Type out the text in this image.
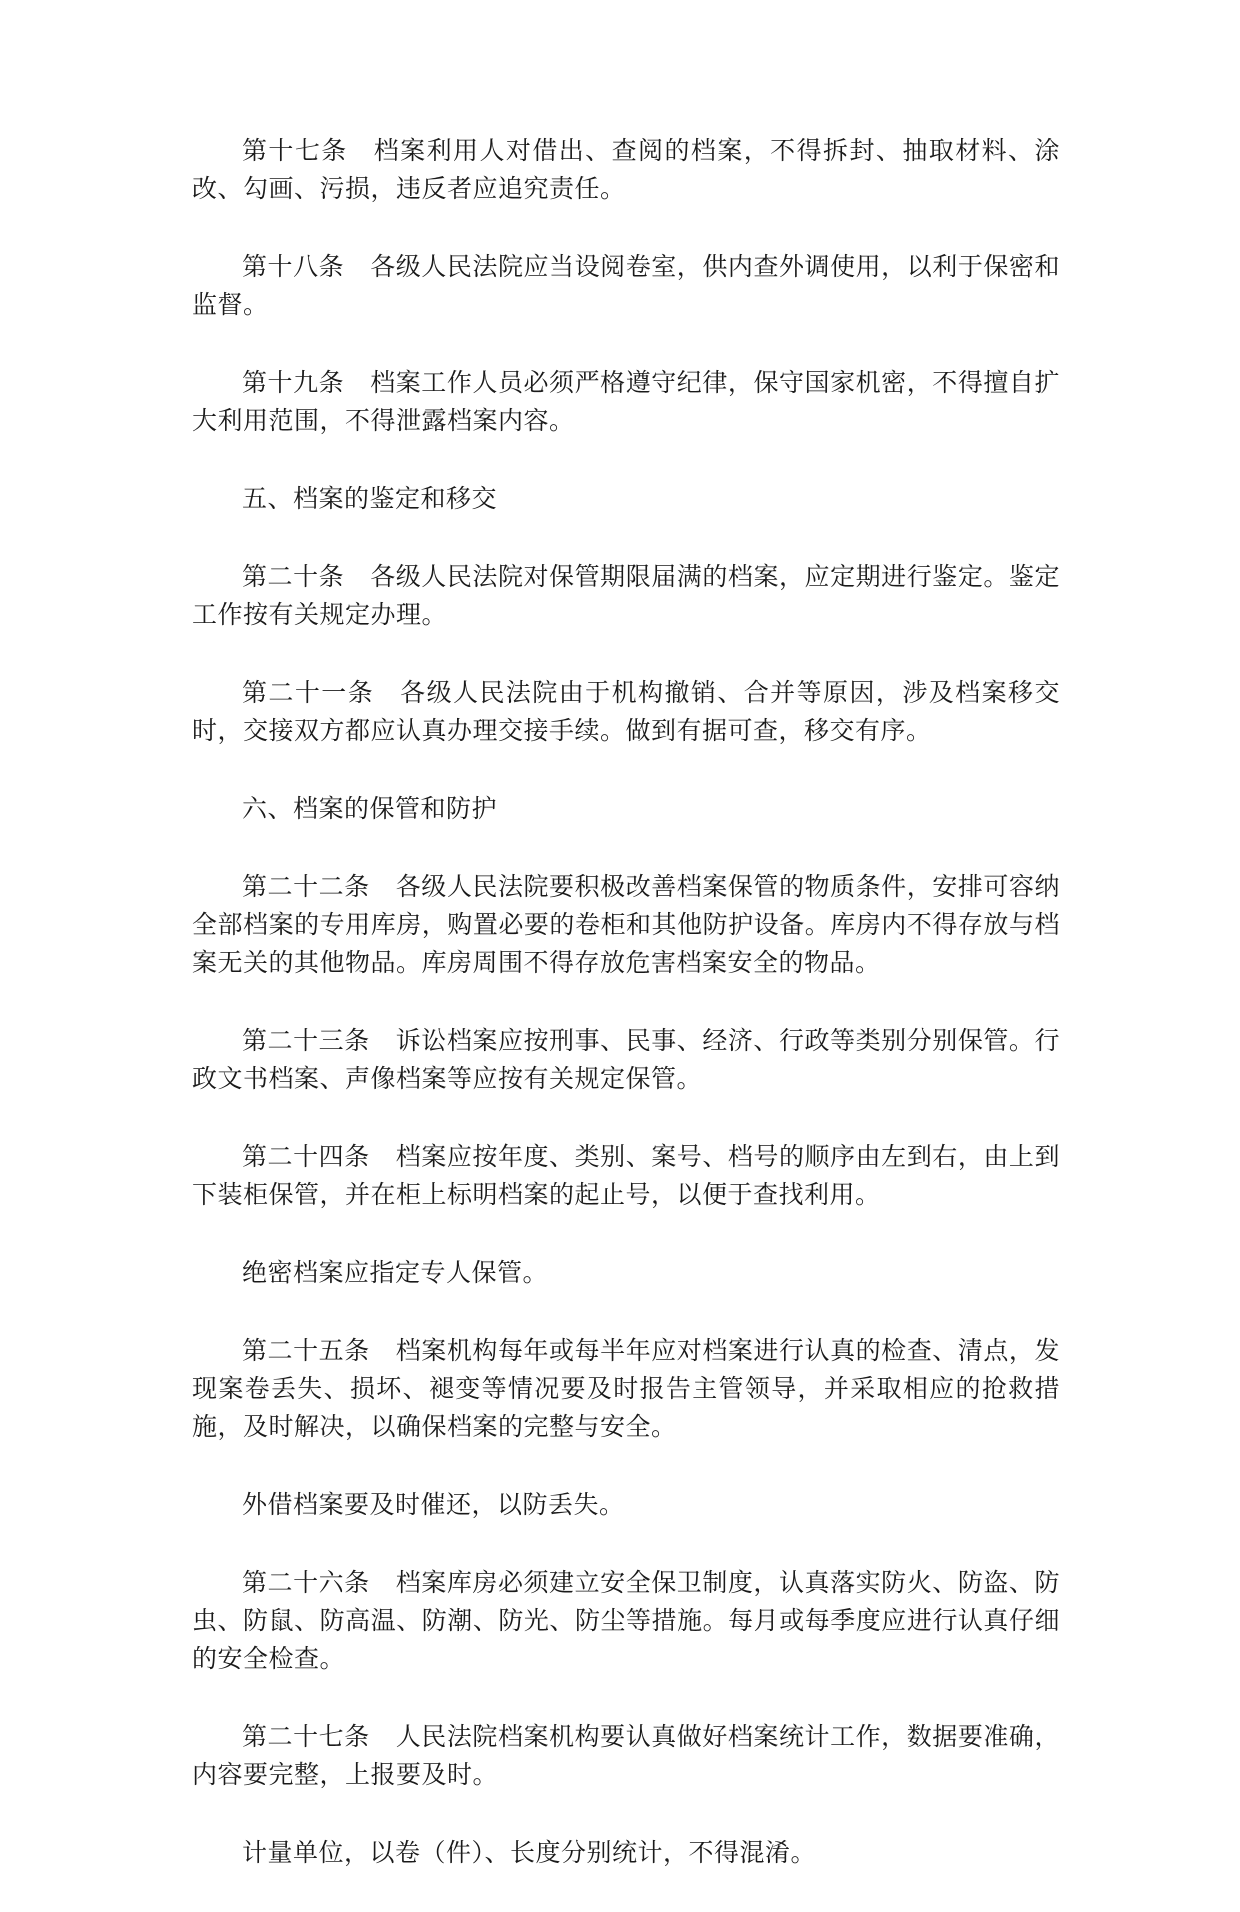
第十七条 档案利用人对借出、查阅的档案，不得拆封、抽取材料、涂改、勾画、污损，违反者应追究责任。

第十八条 各级人民法院应当设阅卷室，供内查外调使用，以利于保密和监督。

第十九条 档案工作人员必须严格遵守纪律，保守国家机密，不得擅自扩大利用范围，不得泄露档案内容。

五、档案的鉴定和移交

第二十条 各级人民法院对保管期限届满的档案，应定期进行鉴定。鉴定工作按有关规定办理。

第二十一条 各级人民法院由于机构撤销、合并等原因，涉及档案移交时，交接双方都应认真办理交接手续。做到有据可查，移交有序。

六、档案的保管和防护

第二十二条 各级人民法院要积极改善档案保管的物质条件，安排可容纳全部档案的专用库房，购置必要的卷柜和其他防护设备。库房内不得存放与档案无关的其他物品。库房周围不得存放危害档案安全的物品。

第二十三条 诉讼档案应按刑事、民事、经济、行政等类别分别保管。行政文书档案、声像档案等应按有关规定保管。

第二十四条 档案应按年度、类别、案号、档号的顺序由左到右，由上到下装柜保管，并在柜上标明档案的起止号，以便于查找利用。

绝密档案应指定专人保管。

第二十五条 档案机构每年或每半年应对档案进行认真的检查、清点，发现案卷丢失、损坏、褪变等情况要及时报告主管领导，并采取相应的抢救措施，及时解决，以确保档案的完整与安全。

外借档案要及时催还，以防丢失。

第二十六条 档案库房必须建立安全保卫制度，认真落实防火、防盗、防虫、防鼠、防高温、防潮、防光、防尘等措施。每月或每季度应进行认真仔细的安全检查。

第二十七条 人民法院档案机构要认真做好档案统计工作，数据要准确，内容要完整，上报要及时。

计量单位，以卷（件）、长度分别统计，不得混淆。
